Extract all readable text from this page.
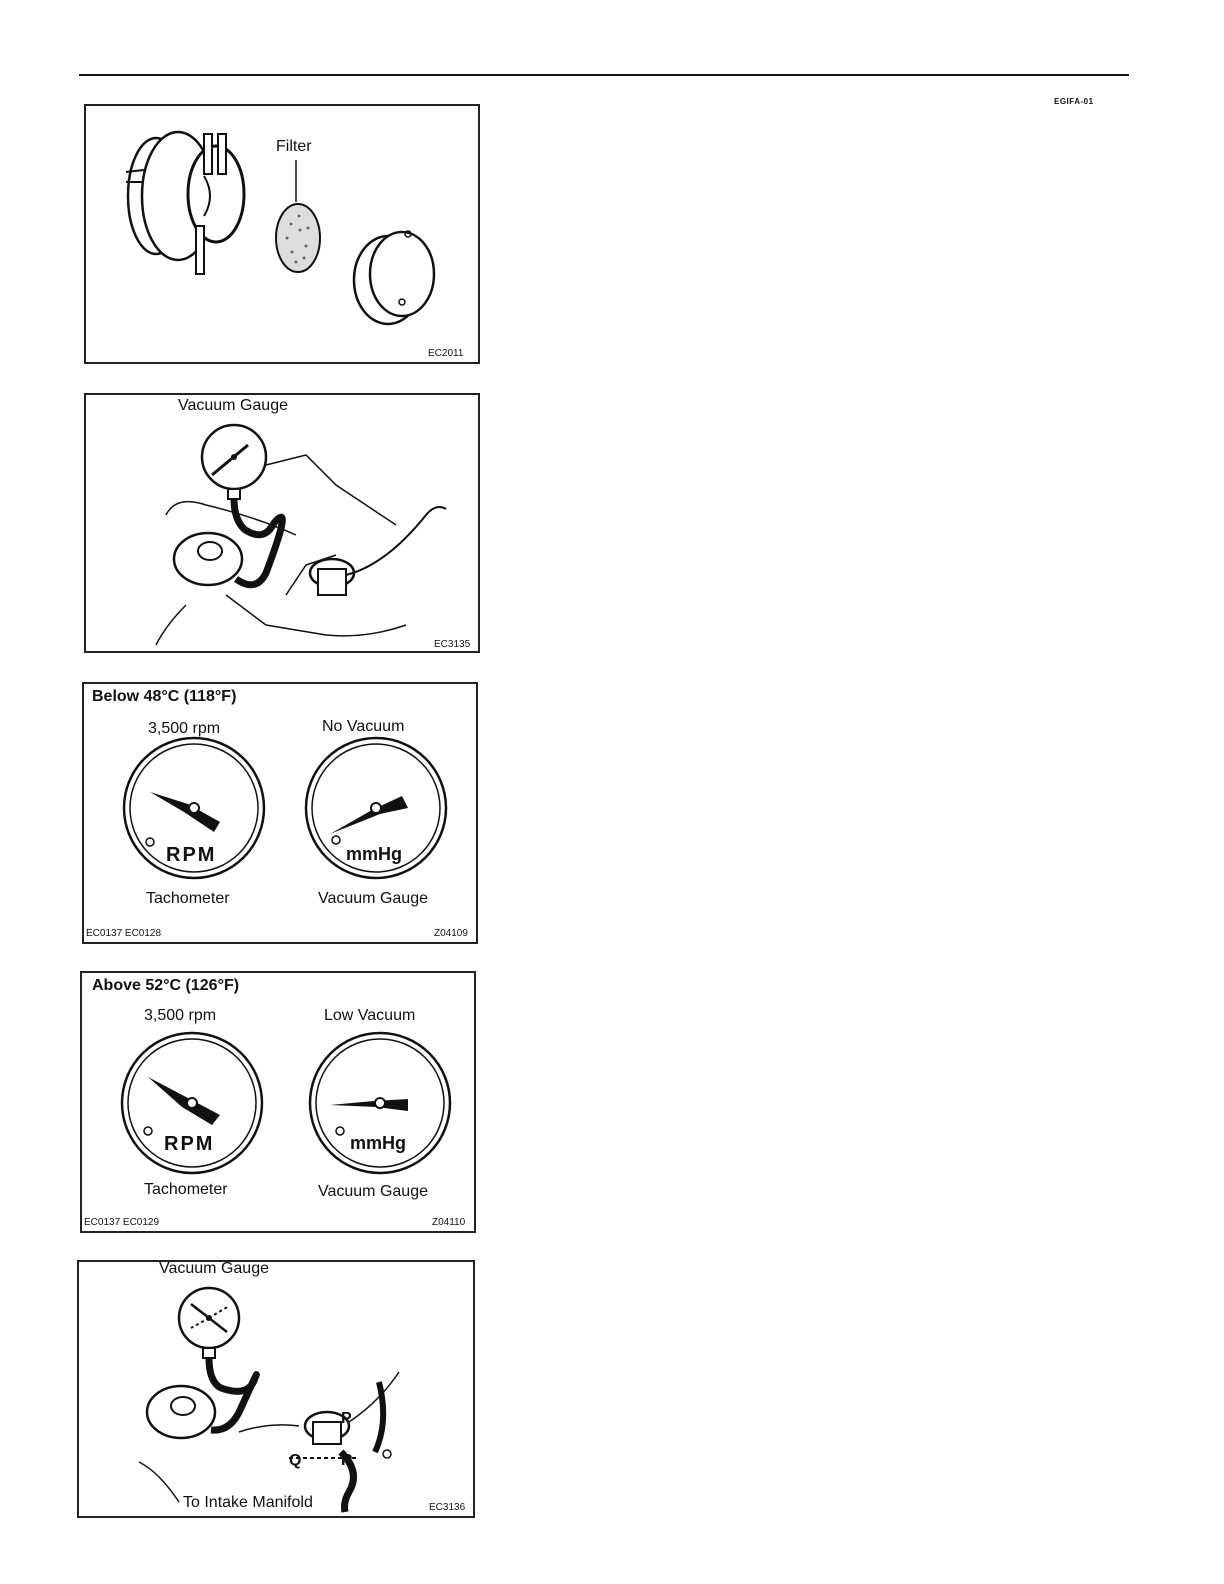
EGIFA-01
Filter
EC2011
Vacuum Gauge
EC3135
Below 48°C (118°F)
3,500 rpm	No Vacuum
RPM	mmHg
Tachometer	Vacuum Gauge
EC0137 EC0128	Z04109
Above 52°C (126°F)
3,500 rpm	Low Vacuum
RPM	mmHg
Tachometer	Vacuum Gauge
EC0137 EC0129	Z04110
Vacuum Gauge
P
Q R
To Intake Manifold	EC3136
